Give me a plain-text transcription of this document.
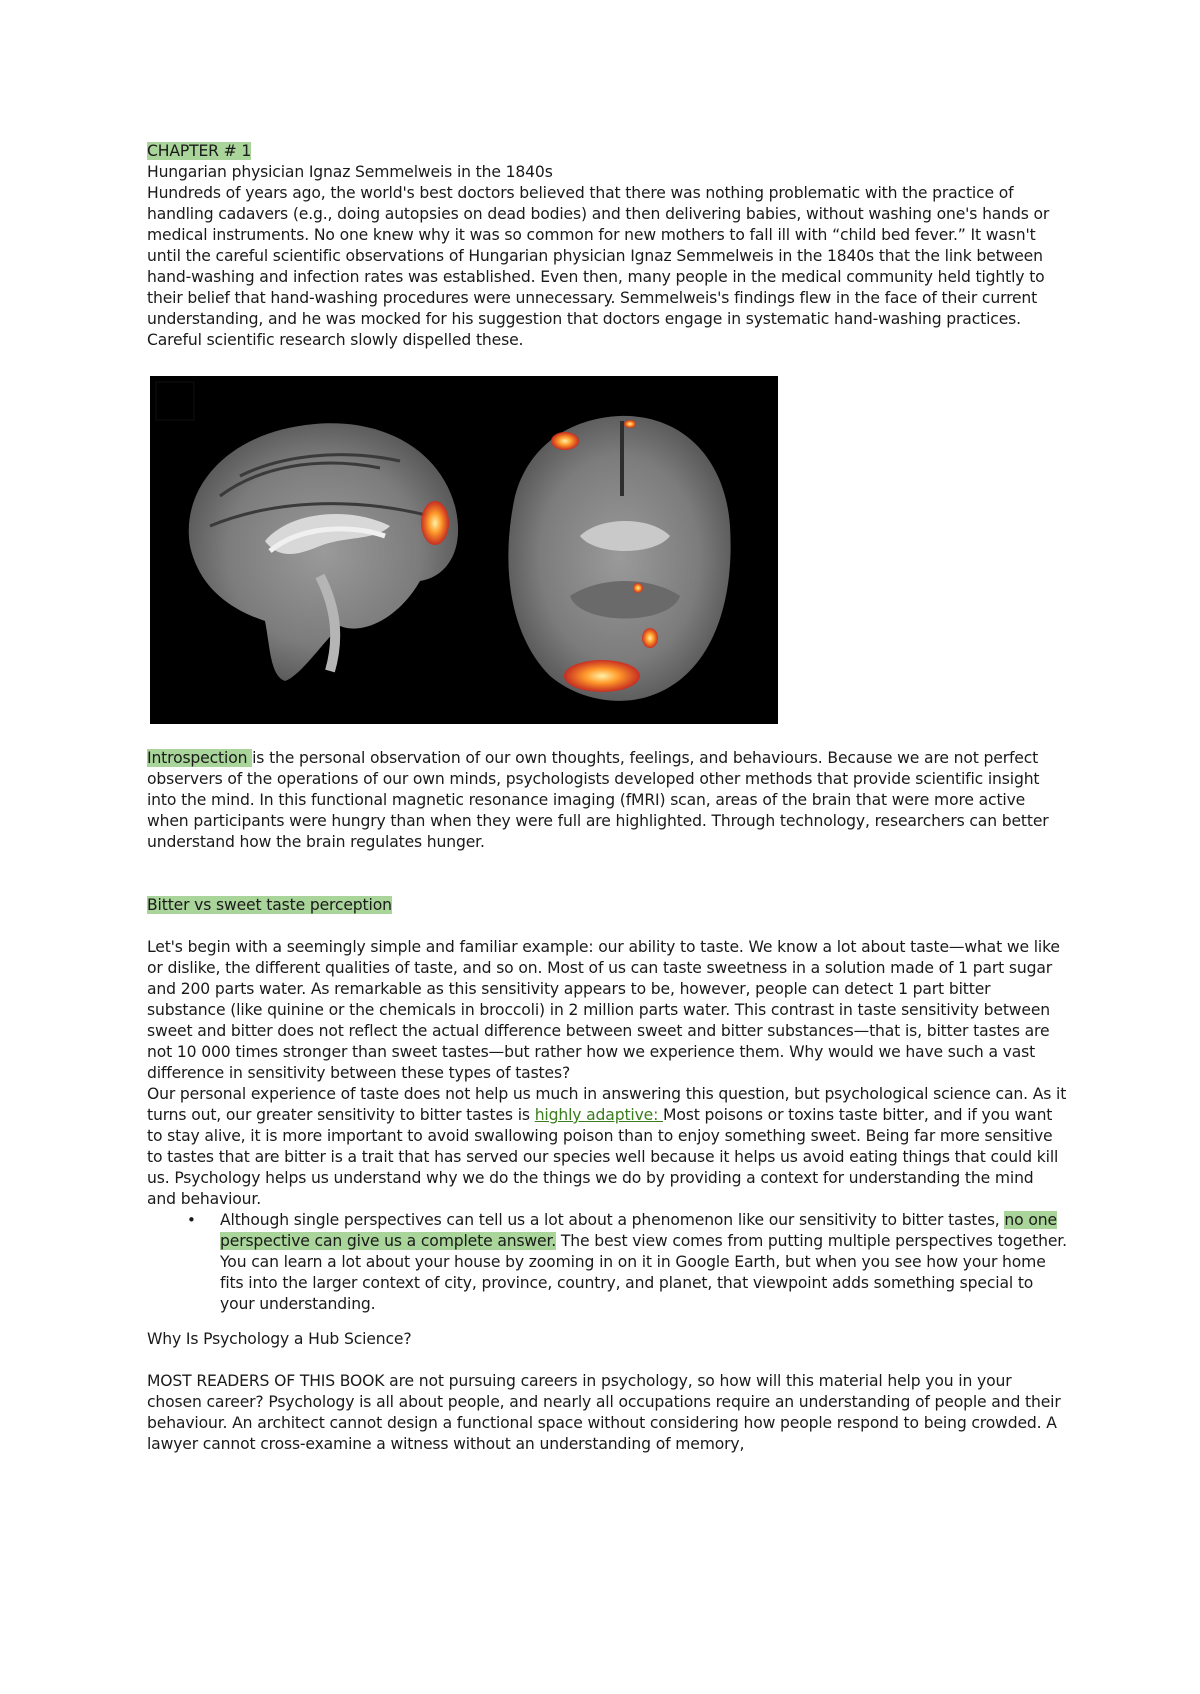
CHAPTER # 1

Hungarian physician Ignaz Semmelweis in the 1840s

Hundreds of years ago, the world's best doctors believed that there was nothing problematic with the practice of handling cadavers (e.g., doing autopsies on dead bodies) and then delivering babies, without washing one's hands or medical instruments. No one knew why it was so common for new mothers to fall ill with “child bed fever.” It wasn't until the careful scientific observations of Hungarian physician Ignaz Semmelweis in the 1840s that the link between hand-washing and infection rates was established. Even then, many people in the medical community held tightly to their belief that hand-washing procedures were unnecessary. Semmelweis's findings flew in the face of their current understanding, and he was mocked for his suggestion that doctors engage in systematic hand-washing practices. Careful scientific research slowly dispelled these.

Introspection is the personal observation of our own thoughts, feelings, and behaviours. Because we are not perfect observers of the operations of our own minds, psychologists developed other methods that provide scientific insight into the mind. In this functional magnetic resonance imaging (fMRI) scan, areas of the brain that were more active when participants were hungry than when they were full are highlighted. Through technology, researchers can better understand how the brain regulates hunger.

Bitter vs sweet taste perception

Let's begin with a seemingly simple and familiar example: our ability to taste. We know a lot about taste—what we like or dislike, the different qualities of taste, and so on. Most of us can taste sweetness in a solution made of 1 part sugar and 200 parts water. As remarkable as this sensitivity appears to be, however, people can detect 1 part bitter substance (like quinine or the chemicals in broccoli) in 2 million parts water. This contrast in taste sensitivity between sweet and bitter does not reflect the actual difference between sweet and bitter substances—that is, bitter tastes are not 10 000 times stronger than sweet tastes—but rather how we experience them. Why would we have such a vast difference in sensitivity between these types of tastes?

Our personal experience of taste does not help us much in answering this question, but psychological science can. As it turns out, our greater sensitivity to bitter tastes is highly adaptive: Most poisons or toxins taste bitter, and if you want to stay alive, it is more important to avoid swallowing poison than to enjoy something sweet. Being far more sensitive to tastes that are bitter is a trait that has served our species well because it helps us avoid eating things that could kill us. Psychology helps us understand why we do the things we do by providing a context for understanding the mind and behaviour.

• Although single perspectives can tell us a lot about a phenomenon like our sensitivity to bitter tastes, no one perspective can give us a complete answer. The best view comes from putting multiple perspectives together. You can learn a lot about your house by zooming in on it in Google Earth, but when you see how your home fits into the larger context of city, province, country, and planet, that viewpoint adds something special to your understanding.

Why Is Psychology a Hub Science?

MOST READERS OF THIS BOOK are not pursuing careers in psychology, so how will this material help you in your chosen career? Psychology is all about people, and nearly all occupations require an understanding of people and their behaviour. An architect cannot design a functional space without considering how people respond to being crowded. A lawyer cannot cross-examine a witness without an understanding of memory,
